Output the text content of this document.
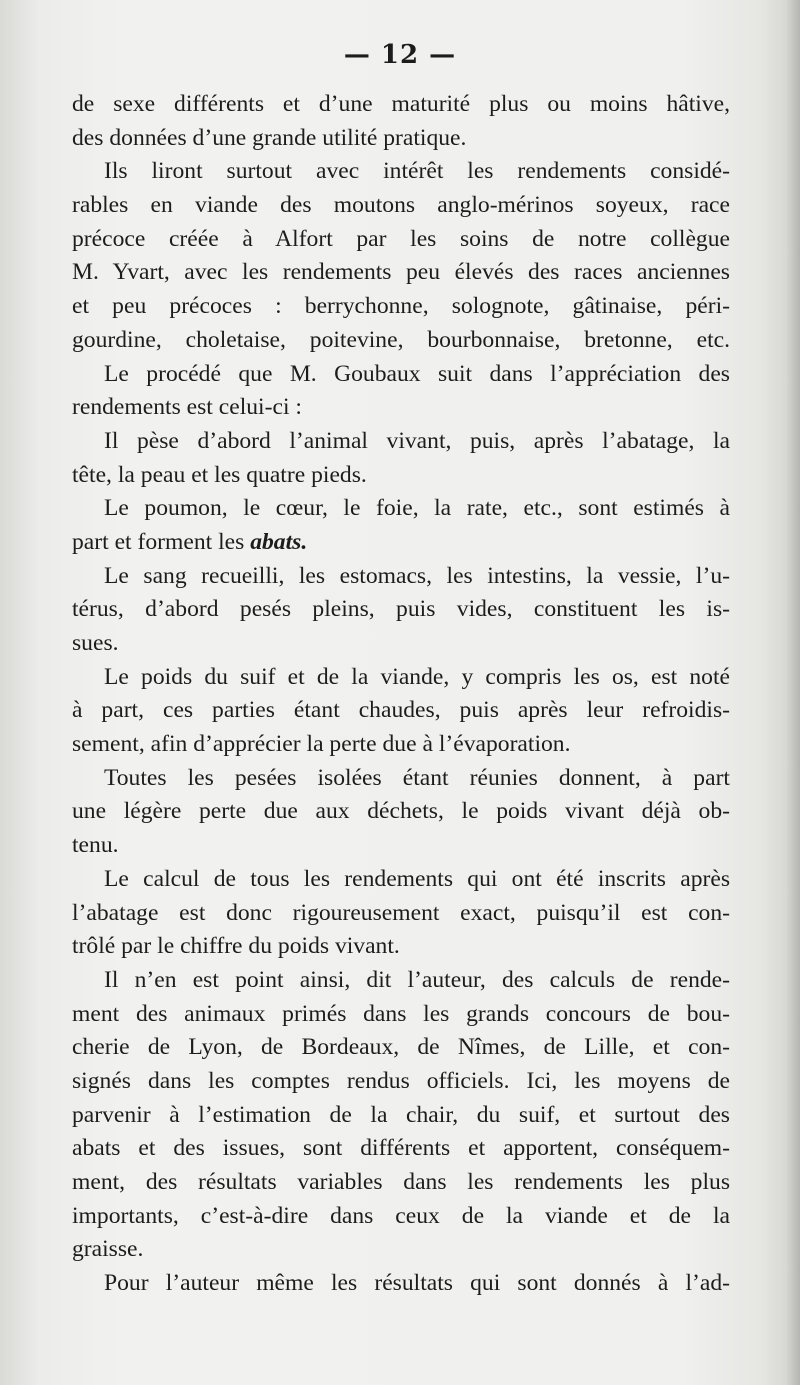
— 12 —
de sexe différents et d’une maturité plus ou moins hâtive,
des données d’une grande utilité pratique.
Ils liront surtout avec intérêt les rendements considé-
rables en viande des moutons anglo-mérinos soyeux, race
précoce créée à Alfort par les soins de notre collègue
M. Yvart, avec les rendements peu élevés des races anciennes
et peu précoces : berrychonne, solognote, gâtinaise, péri-
gourdine, choletaise, poitevine, bourbonnaise, bretonne, etc.
Le procédé que M. Goubaux suit dans l’appréciation des
rendements est celui-ci :
Il pèse d’abord l’animal vivant, puis, après l’abatage, la
tête, la peau et les quatre pieds.
Le poumon, le cœur, le foie, la rate, etc., sont estimés à
part et forment les abats.
Le sang recueilli, les estomacs, les intestins, la vessie, l’u-
térus, d’abord pesés pleins, puis vides, constituent les is-
sues.
Le poids du suif et de la viande, y compris les os, est noté
à part, ces parties étant chaudes, puis après leur refroidis-
sement, afin d’apprécier la perte due à l’évaporation.
Toutes les pesées isolées étant réunies donnent, à part
une légère perte due aux déchets, le poids vivant déjà ob-
tenu.
Le calcul de tous les rendements qui ont été inscrits après
l’abatage est donc rigoureusement exact, puisqu’il est con-
trôlé par le chiffre du poids vivant.
Il n’en est point ainsi, dit l’auteur, des calculs de rende-
ment des animaux primés dans les grands concours de bou-
cherie de Lyon, de Bordeaux, de Nîmes, de Lille, et con-
signés dans les comptes rendus officiels. Ici, les moyens de
parvenir à l’estimation de la chair, du suif, et surtout des
abats et des issues, sont différents et apportent, conséquem-
ment, des résultats variables dans les rendements les plus
importants, c’est-à-dire dans ceux de la viande et de la
graisse.
Pour l’auteur même les résultats qui sont donnés à l’ad-
